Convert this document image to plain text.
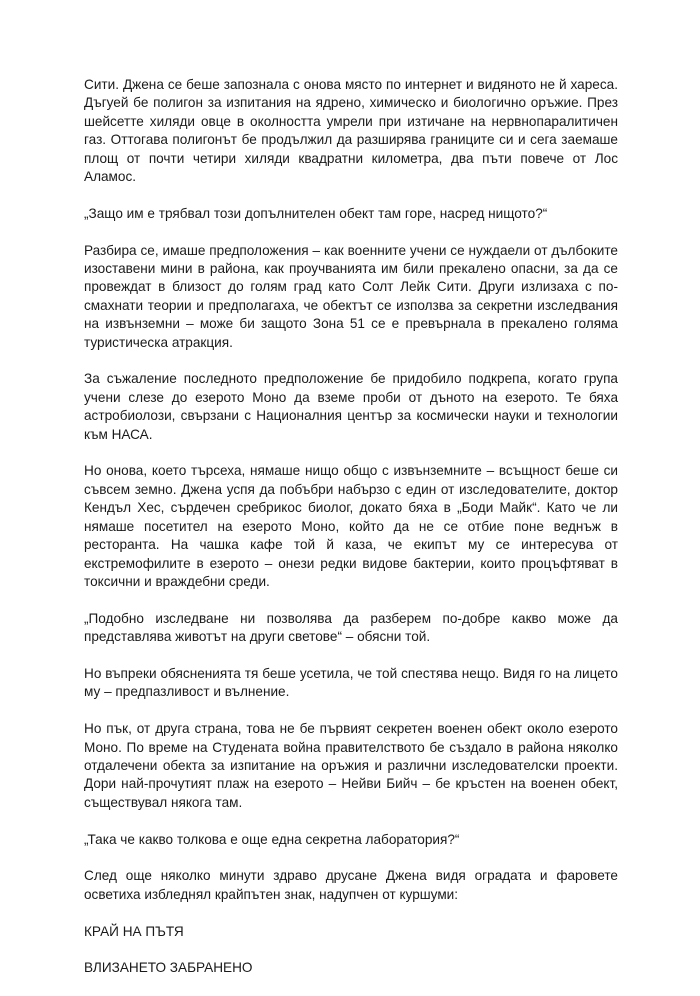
Сити. Джена се беше запознала с онова място по интернет и видяното не й хареса. Дъгуей бе полигон за изпитания на ядрено, химическо и биологично оръжие. През шейсетте хиляди овце в околността умрели при изтичане на нервнопаралитичен газ. Оттогава полигонът бе продължил да разширява границите си и сега заемаше площ от почти четири хиляди квадратни километра, два пъти повече от Лос Аламос.

„Защо им е трябвал този допълнителен обект там горе, насред нищото?“

Разбира се, имаше предположения – как военните учени се нуждаели от дълбоките изоставени мини в района, как проучванията им били прекалено опасни, за да се провеждат в близост до голям град като Солт Лейк Сити. Други излизаха с по-смахнати теории и предполагаха, че обектът се използва за секретни изследвания на извънземни – може би защото Зона 51 се е превърнала в прекалено голяма туристическа атракция.

За съжаление последното предположение бе придобило подкрепа, когато група учени слезе до езерото Моно да вземе проби от дъното на езерото. Те бяха астробиолози, свързани с Националния център за космически науки и технологии към НАСА.

Но онова, което търсеха, нямаше нищо общо с извънземните – всъщност беше си съвсем земно. Джена успя да побъбри набързо с един от изследователите, доктор Кендъл Хес, сърдечен сребрикос биолог, докато бяха в „Боди Майк“. Като че ли нямаше посетител на езерото Моно, който да не се отбие поне веднъж в ресторанта. На чашка кафе той й каза, че екипът му се интересува от екстремофилите в езерото – онези редки видове бактерии, които процъфтяват в токсични и враждебни среди.

„Подобно изследване ни позволява да разберем по-добре какво може да представлява животът на други светове“ – обясни той.

Но въпреки обясненията тя беше усетила, че той спестява нещо. Видя го на лицето му – предпазливост и вълнение.

Но пък, от друга страна, това не бе първият секретен военен обект около езерото Моно. По време на Студената война правителството бе създало в района няколко отдалечени обекта за изпитание на оръжия и различни изследователски проекти. Дори най-прочутият плаж на езерото – Нейви Бийч – бе кръстен на военен обект, съществувал някога там.

„Така че какво толкова е още една секретна лаборатория?“

След още няколко минути здраво друсане Джена видя оградата и фаровете осветиха избледнял крайпътен знак, надупчен от куршуми:

КРАЙ НА ПЪТЯ

ВЛИЗАНЕТО ЗАБРАНЕНО
